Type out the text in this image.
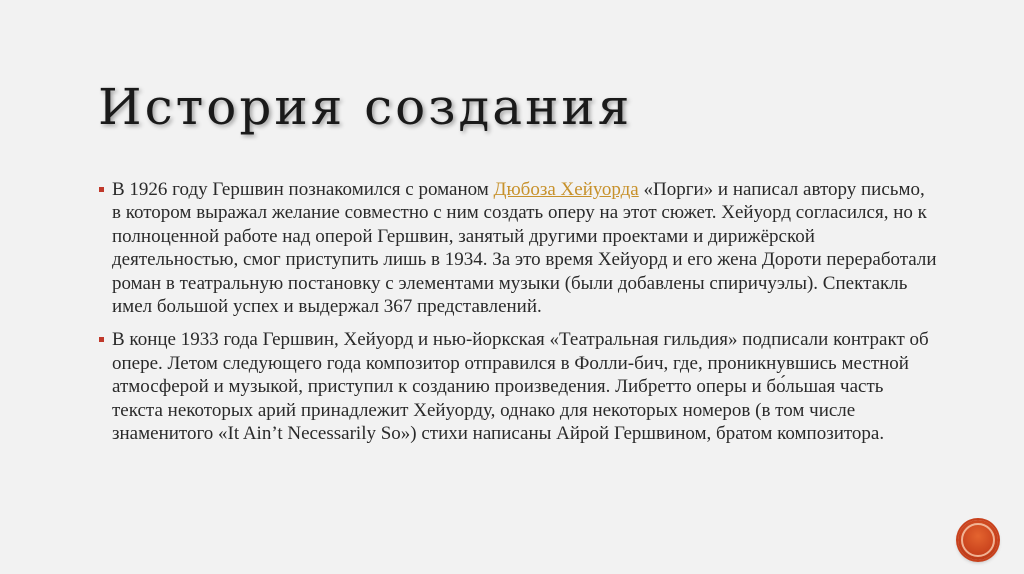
История создания
В 1926 году Гершвин познакомился с романом Дюбоза Хейуорда «Порги» и написал автору письмо, в котором выражал желание совместно с ним создать оперу на этот сюжет. Хейуорд согласился, но к полноценной работе над оперой Гершвин, занятый другими проектами и дирижёрской деятельностью, смог приступить лишь в 1934. За это время Хейуорд и его жена Дороти переработали роман в театральную постановку с элементами музыки (были добавлены спиричуэлы). Спектакль имел большой успех и выдержал 367 представлений.
В конце 1933 года Гершвин, Хейуорд и нью-йоркская «Театральная гильдия» подписали контракт об опере. Летом следующего года композитор отправился в Фолли-бич, где, проникнувшись местной атмосферой и музыкой, приступил к созданию произведения. Либретто оперы и бо́льшая часть текста некоторых арий принадлежит Хейуорду, однако для некоторых номеров (в том числе знаменитого «It Ain’t Necessarily So») стихи написаны Айрой Гершвином, братом композитора.
